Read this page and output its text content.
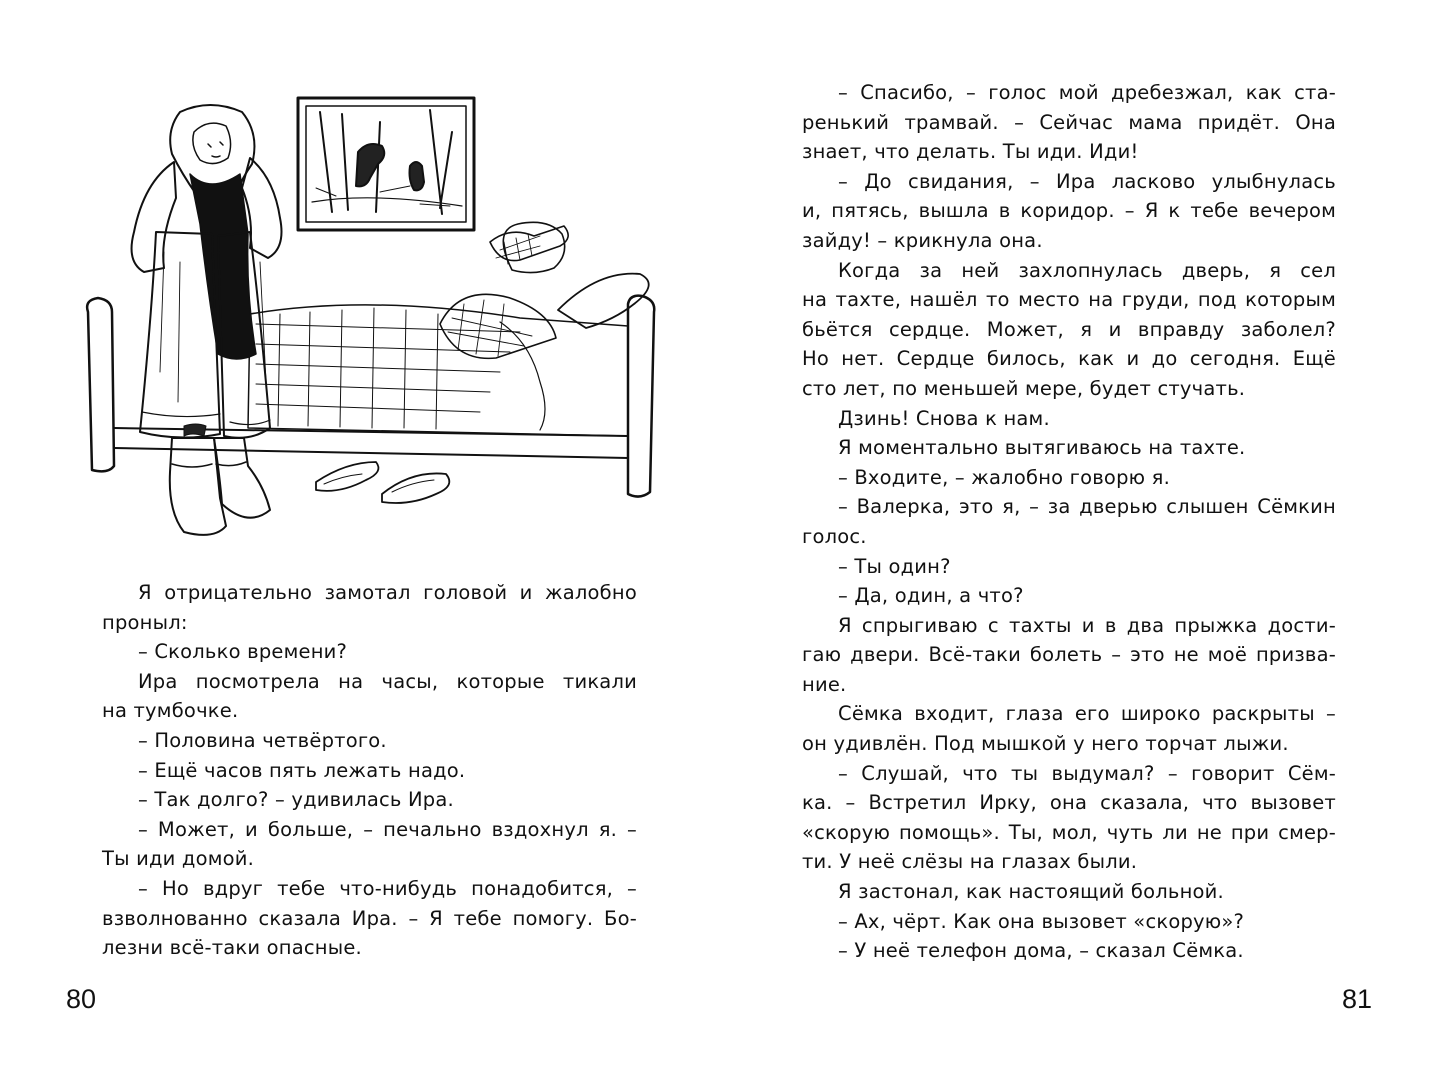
Я отрицательно замотал головой и жалобно
проныл:
– Сколько времени?
Ира посмотрела на часы, которые тикали
на тумбочке.
– Половина четвёртого.
– Ещё часов пять лежать надо.
– Так долго? – удивилась Ира.
– Может, и больше, – печально вздохнул я. –
Ты иди домой.
– Но вдруг тебе что-нибудь понадобится, –
взволнованно сказала Ира. – Я тебе помогу. Бо-
лезни всё-таки опасные.
80
– Спасибо, – голос мой дребезжал, как ста-
ренький трамвай. – Сейчас мама придёт. Она
знает, что делать. Ты иди. Иди!
– До свидания, – Ира ласково улыбнулась
и, пятясь, вышла в коридор. – Я к тебе вечером
зайду! – крикнула она.
Когда за ней захлопнулась дверь, я сел
на тахте, нашёл то место на груди, под которым
бьётся сердце. Может, я и вправду заболел?
Но нет. Сердце билось, как и до сегодня. Ещё
сто лет, по меньшей мере, будет стучать.
Дзинь! Снова к нам.
Я моментально вытягиваюсь на тахте.
– Входите, – жалобно говорю я.
– Валерка, это я, – за дверью слышен Сёмкин
голос.
– Ты один?
– Да, один, а что?
Я спрыгиваю с тахты и в два прыжка дости-
гаю двери. Всё-таки болеть – это не моё призва-
ние.
Сёмка входит, глаза его широко раскрыты –
он удивлён. Под мышкой у него торчат лыжи.
– Слушай, что ты выдумал? – говорит Сём-
ка. – Встретил Ирку, она сказала, что вызовет
«скорую помощь». Ты, мол, чуть ли не при смер-
ти. У неё слёзы на глазах были.
Я застонал, как настоящий больной.
– Ах, чёрт. Как она вызовет «скорую»?
– У неё телефон дома, – сказал Сёмка.
81
